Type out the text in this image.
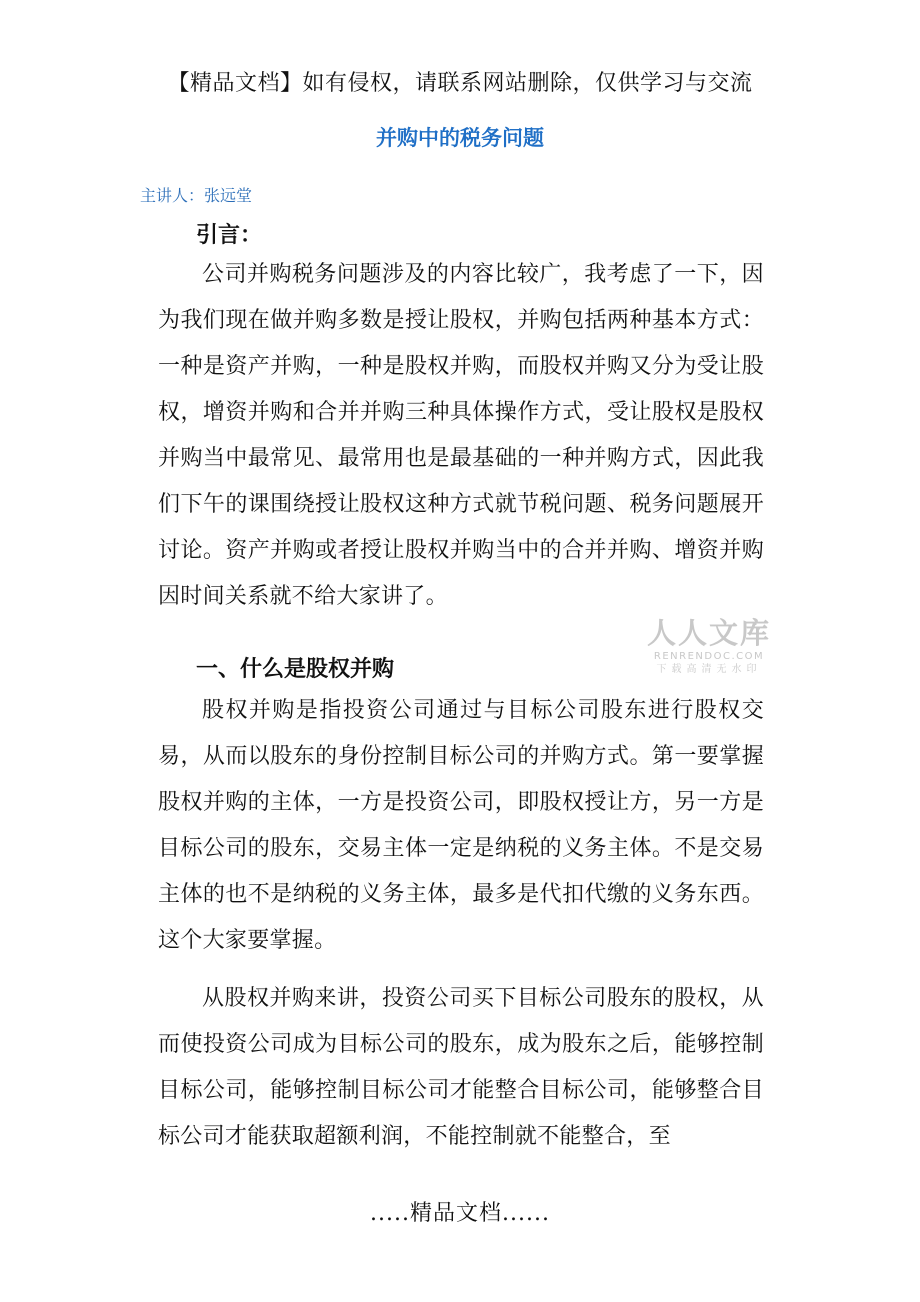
【精品文档】如有侵权，请联系网站删除，仅供学习与交流
并购中的税务问题
主讲人：张远堂
引言：
公司并购税务问题涉及的内容比较广，我考虑了一下，因为我们现在做并购多数是授让股权，并购包括两种基本方式：一种是资产并购，一种是股权并购，而股权并购又分为受让股权，增资并购和合并并购三种具体操作方式，受让股权是股权并购当中最常见、最常用也是最基础的一种并购方式，因此我们下午的课围绕授让股权这种方式就节税问题、税务问题展开讨论。资产并购或者授让股权并购当中的合并并购、增资并购因时间关系就不给大家讲了。
一、什么是股权并购
股权并购是指投资公司通过与目标公司股东进行股权交易，从而以股东的身份控制目标公司的并购方式。第一要掌握股权并购的主体，一方是投资公司，即股权授让方，另一方是目标公司的股东，交易主体一定是纳税的义务主体。不是交易主体的也不是纳税的义务主体，最多是代扣代缴的义务东西。这个大家要掌握。
从股权并购来讲，投资公司买下目标公司股东的股权，从而使投资公司成为目标公司的股东，成为股东之后，能够控制目标公司，能够控制目标公司才能整合目标公司，能够整合目标公司才能获取超额利润，不能控制就不能整合，至
人人文库
RENRENDOC.COM
下载高清无水印
.....精品文档......
